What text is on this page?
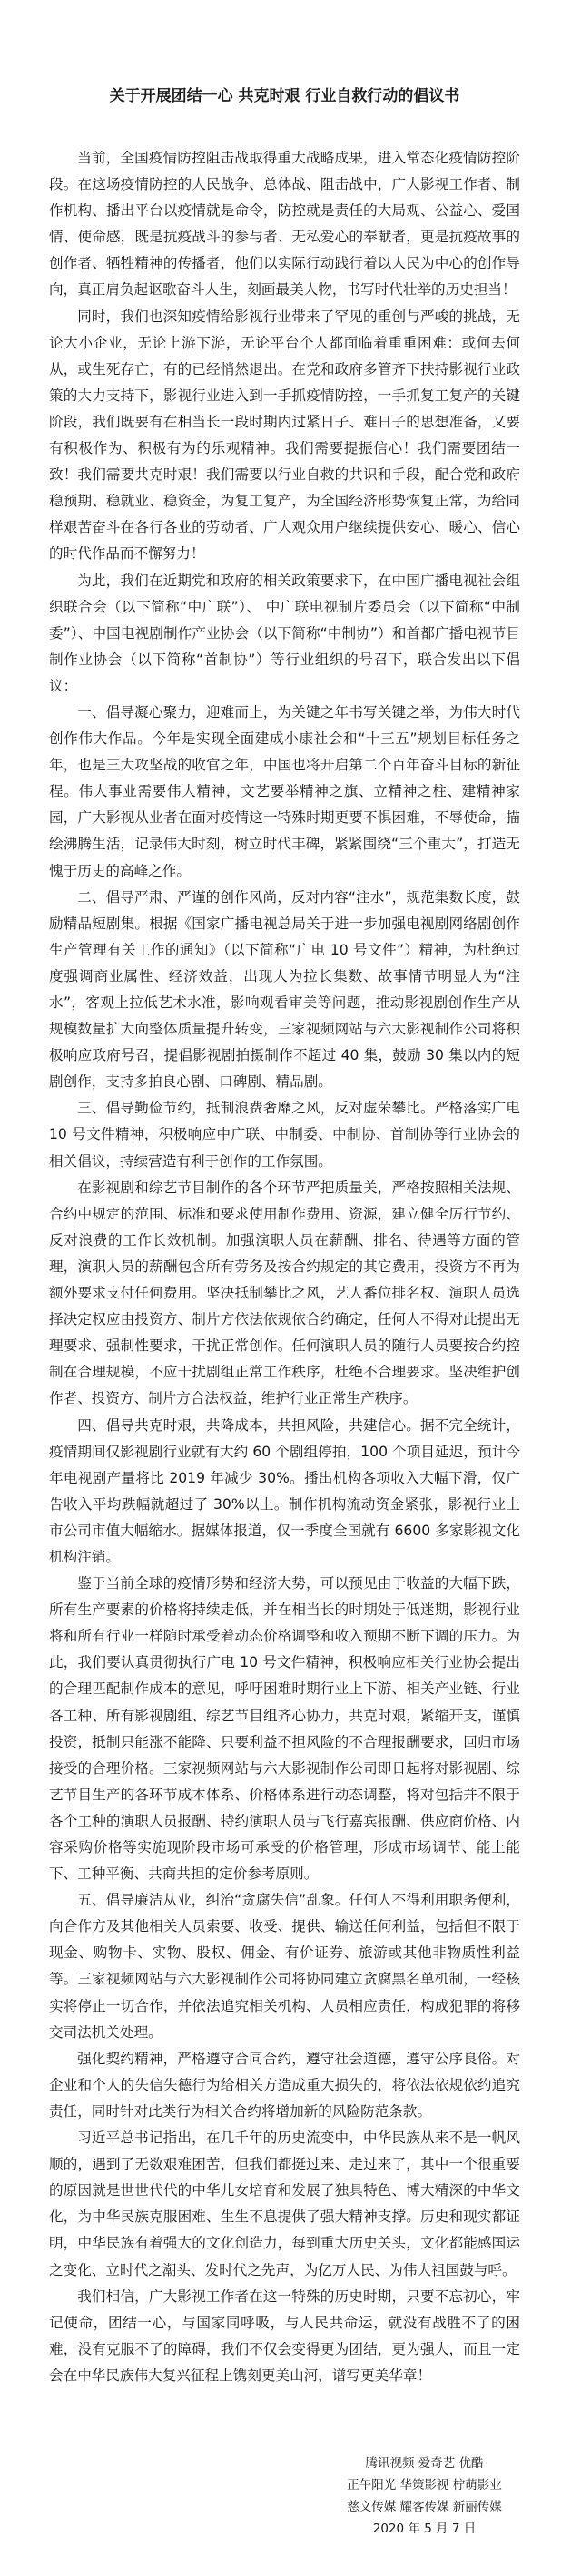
关于开展团结一心 共克时艰 行业自救行动的倡议书

当前，全国疫情防控阻击战取得重大战略成果，进入常态化疫情防控阶段。在这场疫情防控的人民战争、总体战、阻击战中，广大影视工作者、制作机构、播出平台以疫情就是命令，防控就是责任的大局观、公益心、爱国情、使命感，既是抗疫战斗的参与者、无私爱心的奉献者，更是抗疫故事的创作者、牺牲精神的传播者，他们以实际行动践行着以人民为中心的创作导向，真正肩负起讴歌奋斗人生，刻画最美人物，书写时代壮举的历史担当！

同时，我们也深知疫情给影视行业带来了罕见的重创与严峻的挑战，无论大小企业，无论上游下游，无论平台个人都面临着重重困难：或何去何从，或生死存亡，有的已经悄然退出。在党和政府多管齐下扶持影视行业政策的大力支持下，影视行业进入到一手抓疫情防控，一手抓复工复产的关键阶段，我们既要有在相当长一段时期内过紧日子、难日子的思想准备，又要有积极作为、积极有为的乐观精神。我们需要提振信心！我们需要团结一致！我们需要共克时艰！我们需要以行业自救的共识和手段，配合党和政府稳预期、稳就业、稳资金，为复工复产，为全国经济形势恢复正常，为给同样艰苦奋斗在各行各业的劳动者、广大观众用户继续提供安心、暖心、信心的时代作品而不懈努力！

为此，我们在近期党和政府的相关政策要求下，在中国广播电视社会组织联合会（以下简称“中广联”）、 中广联电视制片委员会（以下简称“中制委”）、中国电视剧制作产业协会（以下简称“中制协”）和首都广播电视节目制作业协会（以下简称“首制协”）等行业组织的号召下，联合发出以下倡议：

一、倡导凝心聚力，迎难而上，为关键之年书写关键之举，为伟大时代创作伟大作品。今年是实现全面建成小康社会和“十三五”规划目标任务之年，也是三大攻坚战的收官之年，中国也将开启第二个百年奋斗目标的新征程。伟大事业需要伟大精神，文艺要举精神之旗、立精神之柱、建精神家园，广大影视从业者在面对疫情这一特殊时期更要不惧困难，不辱使命，描绘沸腾生活，记录伟大时刻，树立时代丰碑，紧紧围绕“三个重大”，打造无愧于历史的高峰之作。

二、倡导严肃、严谨的创作风尚，反对内容“注水”，规范集数长度，鼓励精品短剧集。根据《国家广播电视总局关于进一步加强电视剧网络剧创作生产管理有关工作的通知》（以下简称“广电 10 号文件”）精神，为杜绝过度强调商业属性、经济效益，出现人为拉长集数、故事情节明显人为“注水”，客观上拉低艺术水准，影响观看审美等问题，推动影视剧创作生产从规模数量扩大向整体质量提升转变，三家视频网站与六大影视制作公司将积极响应政府号召，提倡影视剧拍摄制作不超过 40 集，鼓励 30 集以内的短剧创作，支持多拍良心剧、口碑剧、精品剧。

三、倡导勤俭节约，抵制浪费奢靡之风，反对虚荣攀比。严格落实广电 10 号文件精神，积极响应中广联、中制委、中制协、首制协等行业协会的相关倡议，持续营造有利于创作的工作氛围。

在影视剧和综艺节目制作的各个环节严把质量关，严格按照相关法规、合约中规定的范围、标准和要求使用制作费用、资源，建立健全厉行节约、反对浪费的工作长效机制。加强演职人员在薪酬、排名、待遇等方面的管理，演职人员的薪酬包含所有劳务及按合约规定的其它费用，投资方不再为额外要求支付任何费用。坚决抵制攀比之风，艺人番位排名权、演职人员选择决定权应由投资方、制片方依法依规依合约确定，任何人不得对此提出无理要求、强制性要求，干扰正常创作。任何演职人员的随行人员要按合约控制在合理规模，不应干扰剧组正常工作秩序，杜绝不合理要求。坚决维护创作者、投资方、制片方合法权益，维护行业正常生产秩序。

四、倡导共克时艰，共降成本，共担风险，共建信心。据不完全统计，疫情期间仅影视剧行业就有大约 60 个剧组停拍，100 个项目延迟，预计今年电视剧产量将比 2019 年减少 30%。播出机构各项收入大幅下滑，仅广告收入平均跌幅就超过了 30%以上。制作机构流动资金紧张，影视行业上市公司市值大幅缩水。据媒体报道，仅一季度全国就有 6600 多家影视文化机构注销。

鉴于当前全球的疫情形势和经济大势，可以预见由于收益的大幅下跌，所有生产要素的价格将持续走低，并在相当长的时期处于低迷期，影视行业将和所有行业一样随时承受着动态价格调整和收入预期不断下调的压力。为此，我们要认真贯彻执行广电 10 号文件精神，积极响应相关行业协会提出的合理匹配制作成本的意见，呼吁困难时期行业上下游、相关产业链、行业各工种、所有影视剧组、综艺节目组齐心协力，共克时艰，紧缩开支，谨慎投资，抵制只能涨不能降、只要利益不担风险的不合理报酬要求，回归市场接受的合理价格。三家视频网站与六大影视制作公司即日起将对影视剧、综艺节目生产的各环节成本体系、价格体系进行动态调整，将对包括并不限于各个工种的演职人员报酬、特约演职人员与飞行嘉宾报酬、供应商价格、内容采购价格等实施现阶段市场可承受的价格管理，形成市场调节、能上能下、工种平衡、共商共担的定价参考原则。

五、倡导廉洁从业，纠治“贪腐失信”乱象。任何人不得利用职务便利，向合作方及其他相关人员索要、收受、提供、输送任何利益，包括但不限于现金、购物卡、实物、股权、佣金、有价证券、旅游或其他非物质性利益等。三家视频网站与六大影视制作公司将协同建立贪腐黑名单机制，一经核实将停止一切合作，并依法追究相关机构、人员相应责任，构成犯罪的将移交司法机关处理。

强化契约精神，严格遵守合同合约，遵守社会道德，遵守公序良俗。对企业和个人的失信失德行为给相关方造成重大损失的，将依法依规依约追究责任，同时针对此类行为相关合约将增加新的风险防范条款。

习近平总书记指出，在几千年的历史流变中，中华民族从来不是一帆风顺的，遇到了无数艰难困苦，但我们都挺过来、走过来了，其中一个很重要的原因就是世世代代的中华儿女培育和发展了独具特色、博大精深的中华文化，为中华民族克服困难、生生不息提供了强大精神支撑。历史和现实都证明，中华民族有着强大的文化创造力，每到重大历史关头，文化都能感国运之变化、立时代之潮头、发时代之先声，为亿万人民、为伟大祖国鼓与呼。

我们相信，广大影视工作者在这一特殊的历史时期，只要不忘初心，牢记使命，团结一心，与国家同呼吸，与人民共命运，就没有战胜不了的困难，没有克服不了的障碍，我们不仅会变得更为团结，更为强大，而且一定会在中华民族伟大复兴征程上镌刻更美山河，谱写更美华章！

腾讯视频 爱奇艺 优酷
正午阳光 华策影视 柠萌影业
慈文传媒 耀客传媒 新丽传媒
2020 年 5 月 7 日
